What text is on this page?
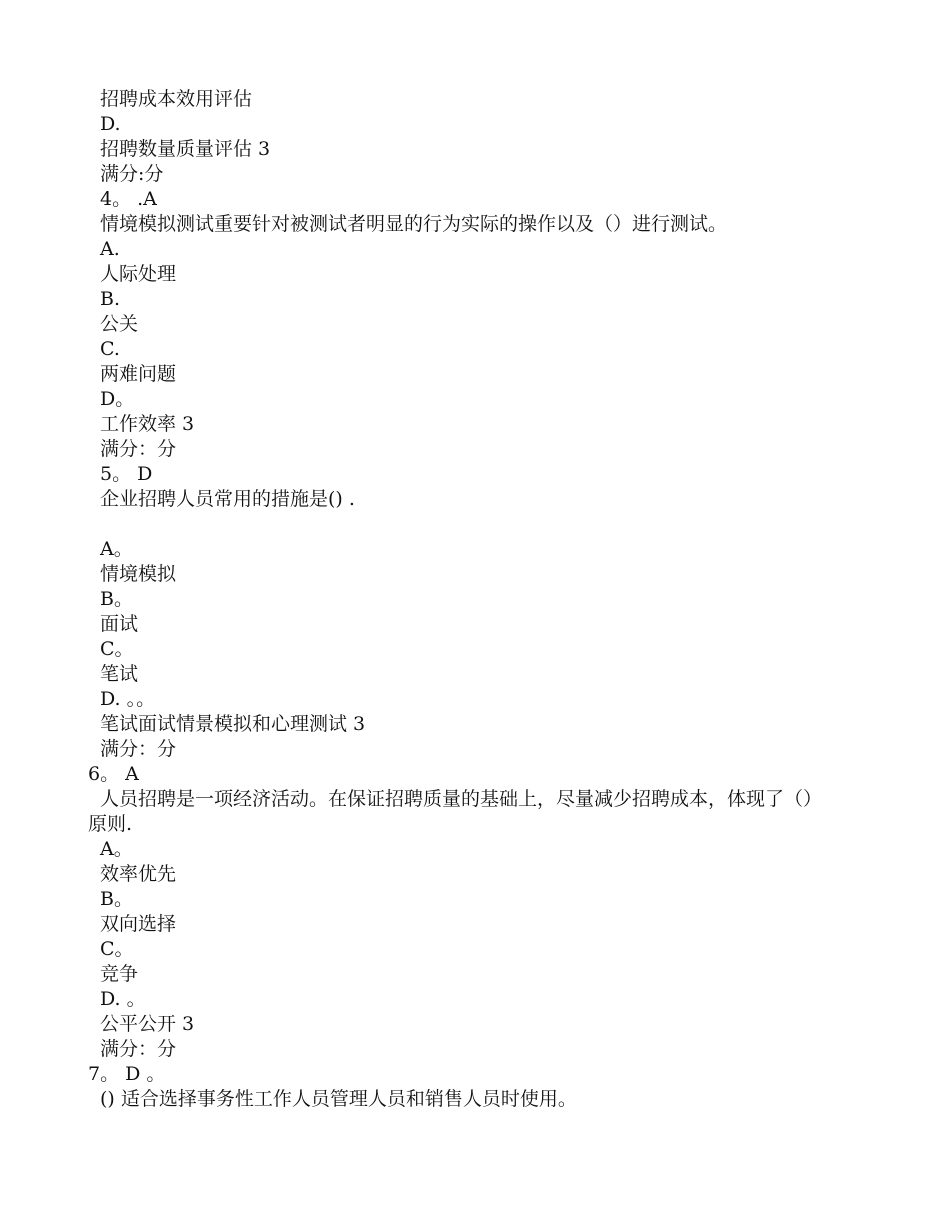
招聘成本效用评估
D.
招聘数量质量评估 3
满分:分
4。 .A
情境模拟测试重要针对被测试者明显的行为实际的操作以及（）进行测试。
A.
人际处理
B.
公关
C.
两难问题
D。
工作效率 3
满分：分
5。 D
企业招聘人员常用的措施是() .
A。
情境模拟
B。
面试
C。
笔试
D. 。。
笔试面试情景模拟和心理测试 3
满分：分
6。 A
人员招聘是一项经济活动。在保证招聘质量的基础上，尽量减少招聘成本，体现了（）
原则.
A。
效率优先
B。
双向选择
C。
竞争
D. 。
公平公开 3
满分：分
7。 D 。
() 适合选择事务性工作人员管理人员和销售人员时使用。
